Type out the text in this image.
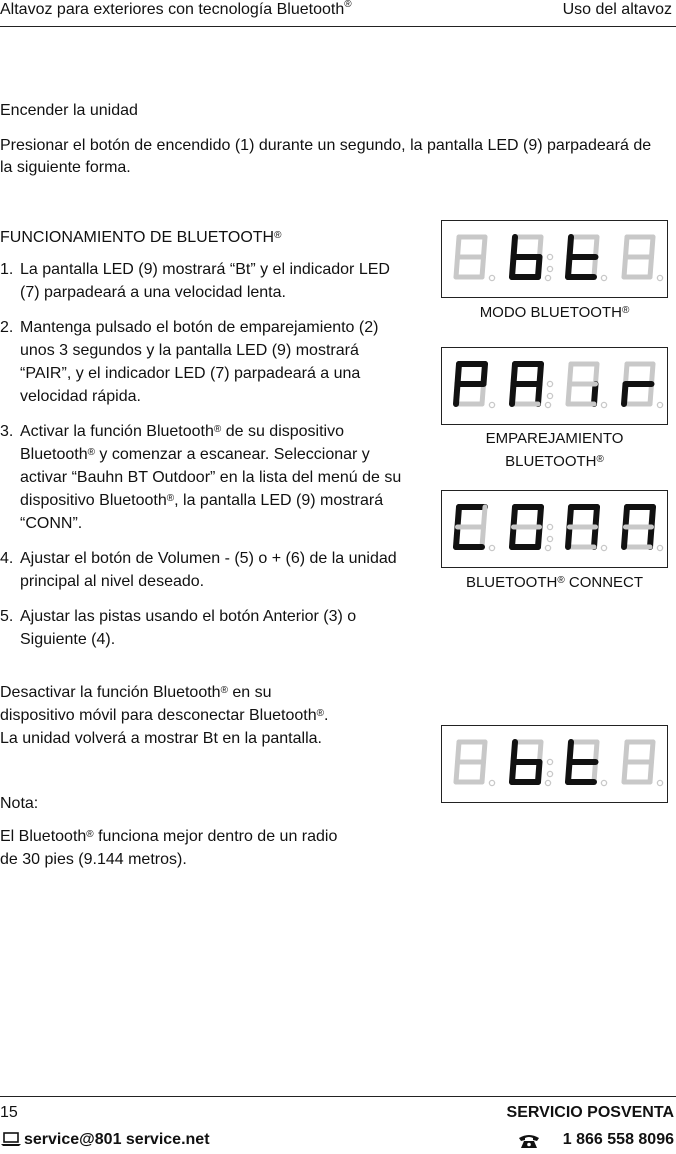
Altavoz para exteriores con tecnología Bluetooth®	Uso del altavoz
Encender la unidad
Presionar el botón de encendido (1) durante un segundo, la pantalla LED (9) parpadeará de la siguiente forma.
FUNCIONAMIENTO DE BLUETOOTH®
1. La pantalla LED (9) mostrará “Bt” y el indicador LED (7) parpadeará a una velocidad lenta.
2. Mantenga pulsado el botón de emparejamiento (2) unos 3 segundos y la pantalla LED (9) mostrará “PAIR”, y el indicador LED (7) parpadeará a una velocidad rápida.
3. Activar la función Bluetooth® de su dispositivo Bluetooth® y comenzar a escanear. Seleccionar y activar “Bauhn BT Outdoor” en la lista del menú de su dispositivo Bluetooth®, la pantalla LED (9) mostrará “CONN”.
4. Ajustar el botón de Volumen - (5) o + (6) de la unidad principal al nivel deseado.
5. Ajustar las pistas usando el botón Anterior (3) o Siguiente (4).
Desactivar la función Bluetooth® en su
dispositivo móvil para desconectar Bluetooth®.
La unidad volverá a mostrar Bt en la pantalla.
Nota:
El Bluetooth® funciona mejor dentro de un radio
de 30 pies (9.144 metros).
MODO BLUETOOTH®
EMPAREJAMIENTO
BLUETOOTH®
BLUETOOTH® CONNECT
15	SERVICIO POSVENTA
service@801 service.net	1 866 558 8096
